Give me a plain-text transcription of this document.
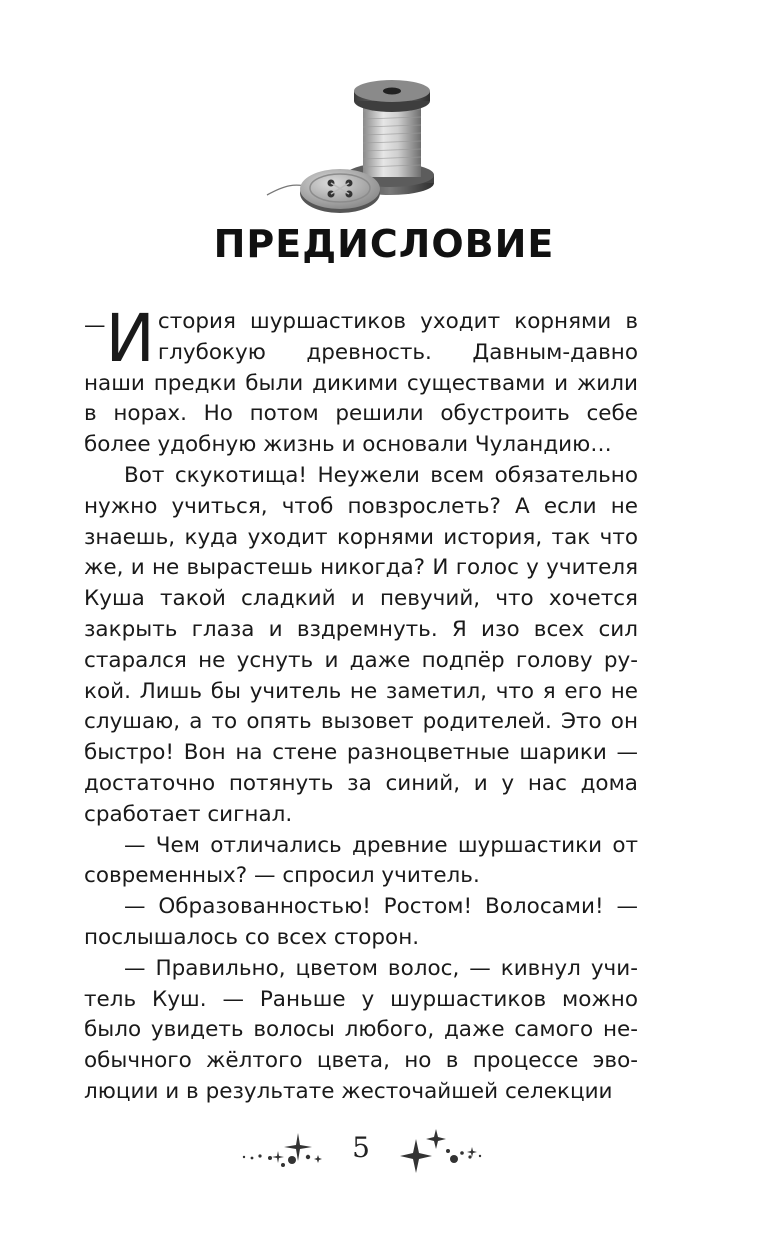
ПРЕДИСЛОВИЕ

— И стория шуршастиков уходит корнями в глубокую древность. Давным-давно наши предки были дикими существами и жили в норах. Но потом решили обустроить себе более удобную жизнь и основали Чуландию…

Вот скукотища! Неужели всем обязательно нужно учиться, чтоб повзрослеть? А если не знаешь, куда уходит корнями история, так что же, и не вырастешь никогда? И голос у учителя Куша такой сладкий и певучий, что хочется закрыть глаза и вздремнуть. Я изо всех сил старался не уснуть и даже подпёр голову рукой. Лишь бы учитель не заметил, что я его не слушаю, а то опять вызовет родителей. Это он быстро! Вон на стене разноцветные шарики — достаточно потянуть за синий, и у нас дома сработает сигнал.

— Чем отличались древние шуршастики от современных? — спросил учитель.

— Образованностью! Ростом! Волосами! — послышалось со всех сторон.

— Правильно, цветом волос, — кивнул учитель Куш. — Раньше у шуршастиков можно было увидеть волосы любого, даже самого необычного жёлтого цвета, но в процессе эволюции и в результате жесточайшей селекции

5
